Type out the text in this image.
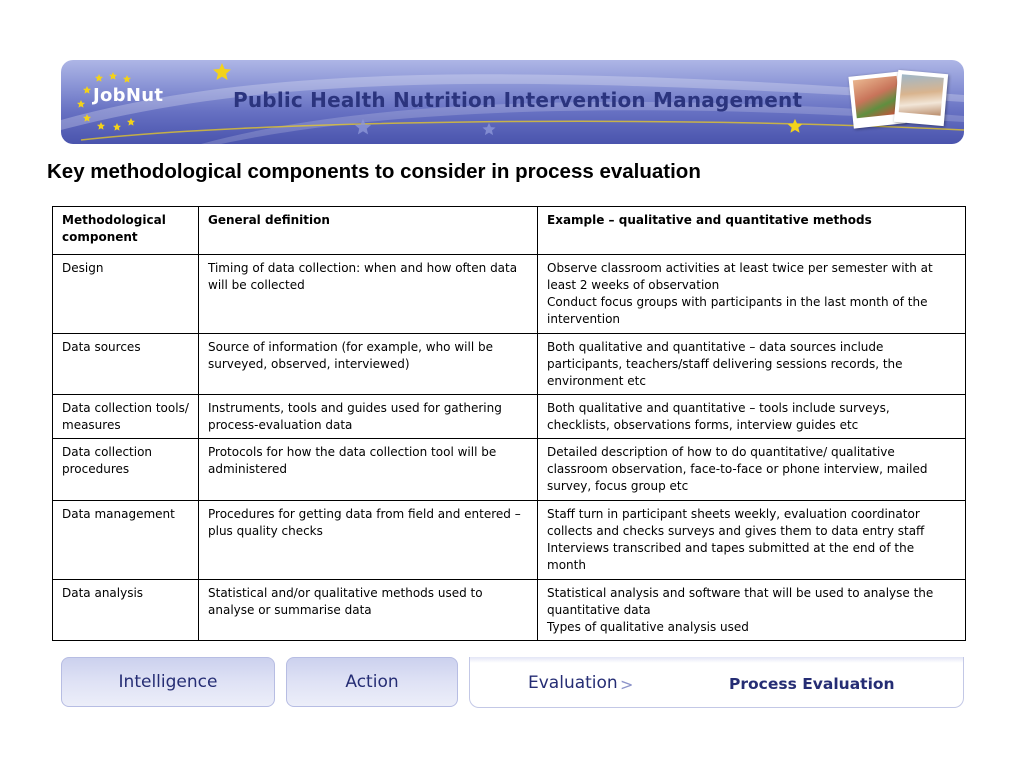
JobNut	Public Health Nutrition Intervention Management
Key methodological components to consider in process evaluation
Methodological component	General definition	Example – qualitative and quantitative methods
Design	Timing of data collection: when and how often data will be collected	Observe classroom activities at least twice per semester with at least 2 weeks of observation
Conduct focus groups with participants in the last month of the intervention

Data sources	Source of information (for example, who will be surveyed, observed, interviewed)	Both qualitative and quantitative – data sources include participants, teachers/staff delivering sessions records, the environment etc

Data collection tools/ measures	Instruments, tools and guides used for gathering process-evaluation data	Both qualitative and quantitative – tools include surveys, checklists, observations forms, interview guides etc

Data collection procedures	Protocols for how the data collection tool will be administered	Detailed description of how to do quantitative/ qualitative classroom observation, face-to-face or phone interview, mailed survey, focus group etc

Data management	Procedures for getting data from field and entered – plus quality checks	Staff turn in participant sheets weekly, evaluation coordinator collects and checks surveys and gives them to data entry staff
Interviews transcribed and tapes submitted at the end of the month

Data analysis	Statistical and/or qualitative methods used to analyse or summarise data	Statistical analysis and software that will be used to analyse the quantitative data
Types of qualitative analysis used
Intelligence	Action	Evaluation >	Process Evaluation
